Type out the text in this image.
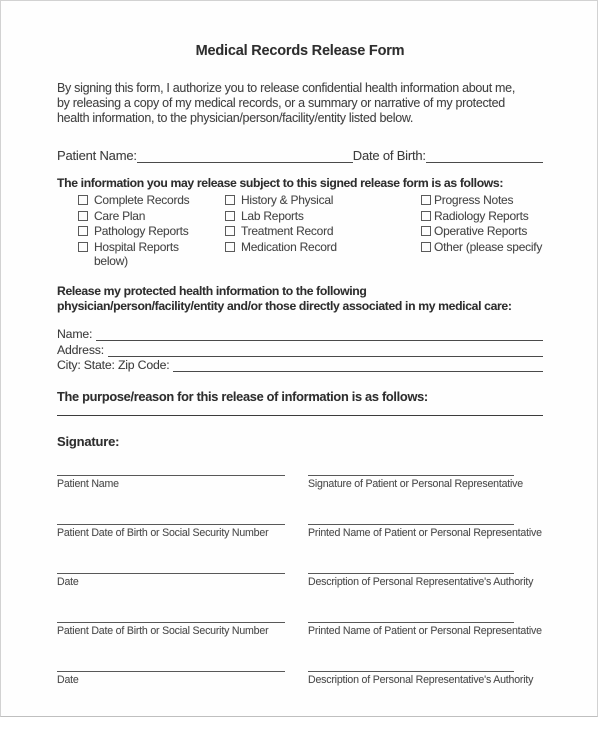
Medical Records Release Form

By signing this form, I authorize you to release confidential health information about me,
by releasing a copy of my medical records, or a summary or narrative of my protected
health information, to the physician/person/facility/entity listed below.

Patient Name:	Date of Birth:
The information you may release subject to this signed release form is as follows:
Complete Records
Care Plan
Pathology Reports
Hospital Reports below)
History & Physical
Lab Reports
Treatment Record
Medication Record
Progress Notes
Radiology Reports
Operative Reports
Other (please specify
Release my protected health information to the following
physician/person/facility/entity and/or those directly associated in my medical care:
Name:
Address:
City: State: Zip Code:
The purpose/reason for this release of information is as follows:
Signature:
Patient Name	Signature of Patient or Personal Representative
Patient Date of Birth or Social Security Number	Printed Name of Patient or Personal Representative
Date	Description of Personal Representative's Authority
Patient Date of Birth or Social Security Number	Printed Name of Patient or Personal Representative
Date	Description of Personal Representative's Authority
